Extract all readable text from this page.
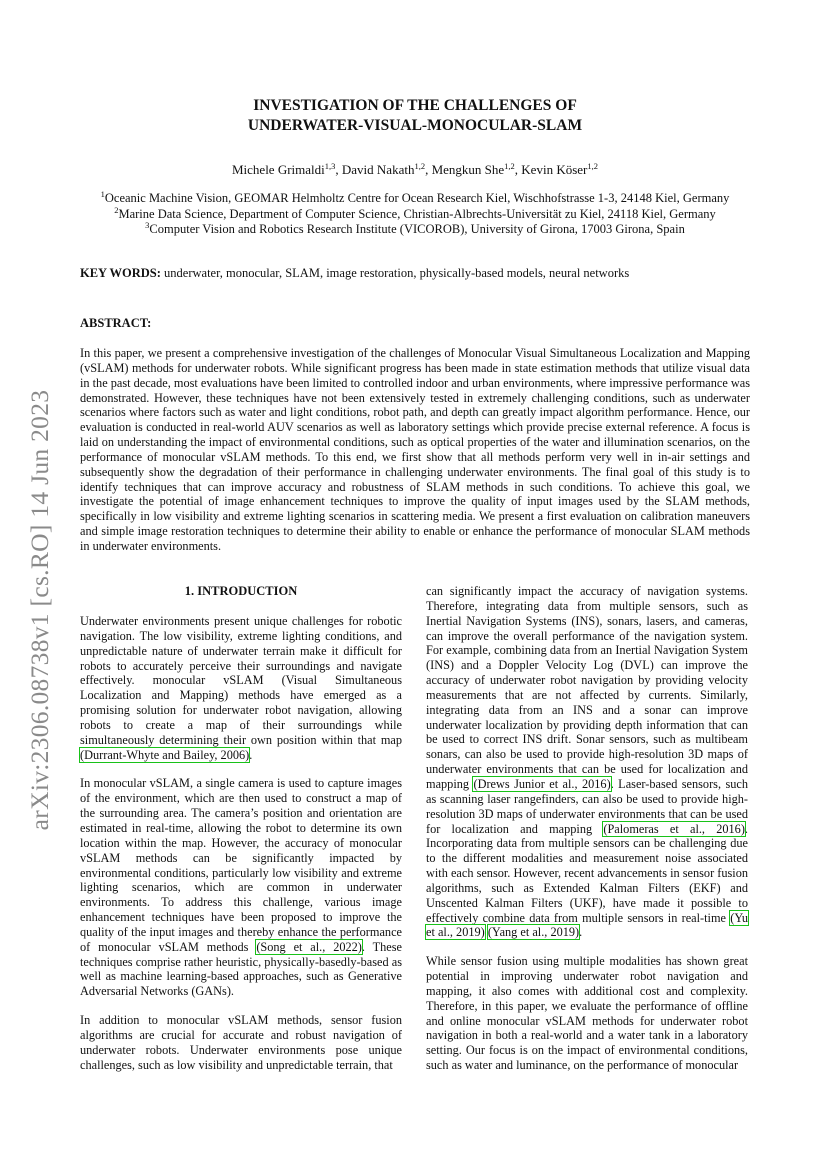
arXiv:2306.08738v1 [cs.RO] 14 Jun 2023
INVESTIGATION OF THE CHALLENGES OF
UNDERWATER-VISUAL-MONOCULAR-SLAM
Michele Grimaldi$^{1,3}$, David Nakath$^{1,2}$, Mengkun She$^{1,2}$, Kevin Köser$^{1,2}$
$^1$Oceanic Machine Vision, GEOMAR Helmholtz Centre for Ocean Research Kiel, Wischhofstrasse 1-3, 24148 Kiel, Germany
$^2$Marine Data Science, Department of Computer Science, Christian-Albrechts-Universität zu Kiel, 24118 Kiel, Germany
$^3$Computer Vision and Robotics Research Institute (VICOROB), University of Girona, 17003 Girona, Spain
KEY WORDS: underwater, monocular, SLAM, image restoration, physically-based models, neural networks
ABSTRACT:

In this paper, we present a comprehensive investigation of the challenges of Monocular Visual Simultaneous Localization and Mapping (vSLAM) methods for underwater robots. While significant progress has been made in state estimation methods that utilize visual data in the past decade, most evaluations have been limited to controlled indoor and urban environments, where impressive performance was demonstrated. However, these techniques have not been extensively tested in extremely challenging conditions, such as underwater scenarios where factors such as water and light conditions, robot path, and depth can greatly impact algorithm performance. Hence, our evaluation is conducted in real-world AUV scenarios as well as laboratory settings which provide precise external reference. A focus is laid on understanding the impact of environmental conditions, such as optical properties of the water and illumination scenarios, on the performance of monocular vSLAM methods. To this end, we first show that all methods perform very well in in-air settings and subsequently show the degradation of their performance in challenging underwater environments. The final goal of this study is to identify techniques that can improve accuracy and robustness of SLAM methods in such conditions. To achieve this goal, we investigate the potential of image enhancement techniques to improve the quality of input images used by the SLAM methods, specifically in low visibility and extreme lighting scenarios in scattering media. We present a first evaluation on calibration maneuvers and simple image restoration techniques to determine their ability to enable or enhance the performance of monocular SLAM methods in underwater environments.

1. INTRODUCTION

Underwater environments present unique challenges for robotic navigation. The low visibility, extreme lighting conditions, and unpredictable nature of underwater terrain make it difficult for robots to accurately perceive their surroundings and navigate effectively. monocular vSLAM (Visual Simultaneous Localization and Mapping) methods have emerged as a promising solution for underwater robot navigation, allowing robots to create a map of their surroundings while simultaneously determining their own position within that map (Durrant-Whyte and Bailey, 2006).

In monocular vSLAM, a single camera is used to capture images of the environment, which are then used to construct a map of the surrounding area. The camera’s position and orientation are estimated in real-time, allowing the robot to determine its own location within the map. However, the accuracy of monocular vSLAM methods can be significantly impacted by environmental conditions, particularly low visibility and extreme lighting scenarios, which are common in underwater environments. To address this challenge, various image enhancement techniques have been proposed to improve the quality of the input images and thereby enhance the performance of monocular vSLAM methods (Song et al., 2022). These techniques comprise rather heuristic, physically-basedly-based as well as machine learning-based approaches, such as Generative Adversarial Networks (GANs).

In addition to monocular vSLAM methods, sensor fusion algorithms are crucial for accurate and robust navigation of underwater robots. Underwater environments pose unique challenges, such as low visibility and unpredictable terrain, that

can significantly impact the accuracy of navigation systems. Therefore, integrating data from multiple sensors, such as Inertial Navigation Systems (INS), sonars, lasers, and cameras, can improve the overall performance of the navigation system. For example, combining data from an Inertial Navigation System (INS) and a Doppler Velocity Log (DVL) can improve the accuracy of underwater robot navigation by providing velocity measurements that are not affected by currents. Similarly, integrating data from an INS and a sonar can improve underwater localization by providing depth information that can be used to correct INS drift. Sonar sensors, such as multibeam sonars, can also be used to provide high-resolution 3D maps of underwater environments that can be used for localization and mapping (Drews Junior et al., 2016). Laser-based sensors, such as scanning laser rangefinders, can also be used to provide high-resolution 3D maps of underwater environments that can be used for localization and mapping (Palomeras et al., 2016). Incorporating data from multiple sensors can be challenging due to the different modalities and measurement noise associated with each sensor. However, recent advancements in sensor fusion algorithms, such as Extended Kalman Filters (EKF) and Unscented Kalman Filters (UKF), have made it possible to effectively combine data from multiple sensors in real-time (Yu et al., 2019) (Yang et al., 2019).

While sensor fusion using multiple modalities has shown great potential in improving underwater robot navigation and mapping, it also comes with additional cost and complexity. Therefore, in this paper, we evaluate the performance of offline and online monocular vSLAM methods for underwater robot navigation in both a real-world and a water tank in a laboratory setting. Our focus is on the impact of environmental conditions, such as water and luminance, on the performance of monocular
